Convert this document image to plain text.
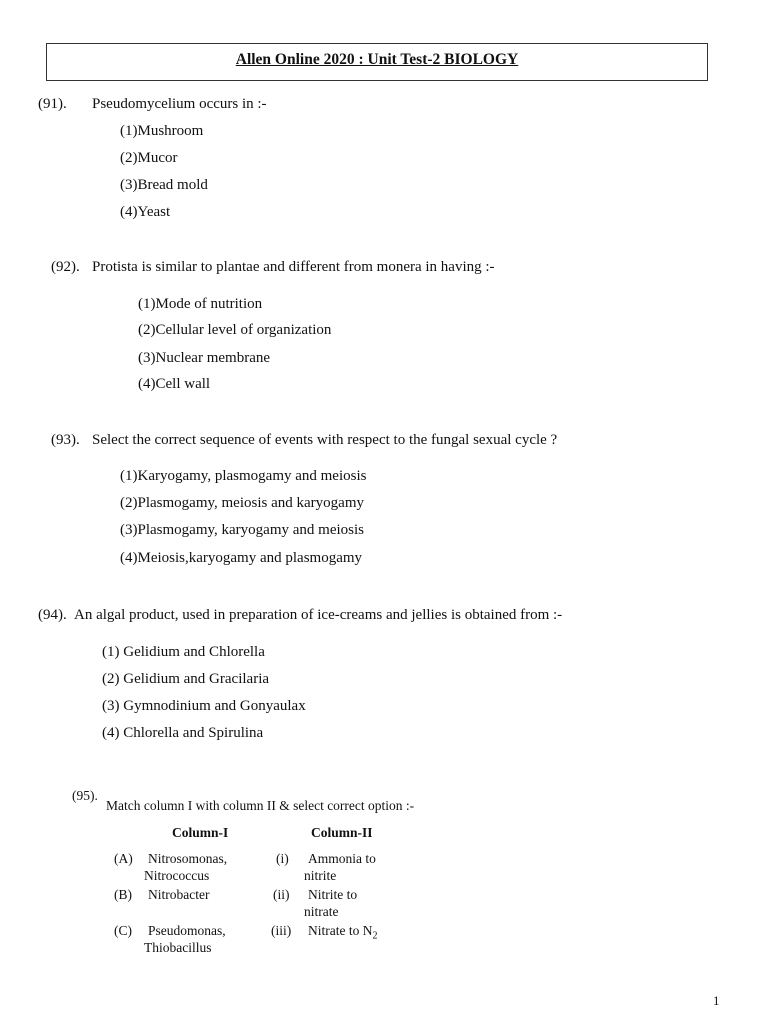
Allen Online 2020 : Unit Test-2 BIOLOGY
(91). Pseudomycelium occurs in :-
(1)Mushroom
(2)Mucor
(3)Bread mold
(4)Yeast
(92). Protista is similar to plantae and different from monera in having :-
(1)Mode of nutrition
(2)Cellular level of organization
(3)Nuclear membrane
(4)Cell wall
(93). Select the correct sequence of events with respect to the fungal sexual cycle ?
(1)Karyogamy, plasmogamy and meiosis
(2)Plasmogamy, meiosis and karyogamy
(3)Plasmogamy, karyogamy and meiosis
(4)Meiosis,karyogamy and plasmogamy
(94). An algal product, used in preparation of ice-creams and jellies is obtained from :-
(1) Gelidium and Chlorella
(2) Gelidium and Gracilaria
(3) Gymnodinium and Gonyaulax
(4) Chlorella and Spirulina
(95).
Match column I with column II & select correct option :-
Column-I	Column-II
(A) Nitrosomonas,
Nitrococcus
(i) Ammonia to
nitrite
(B) Nitrobacter	(ii) Nitrite to
nitrate
(C) Pseudomonas,
Thiobacillus
(iii) Nitrate to $N_2$
1
